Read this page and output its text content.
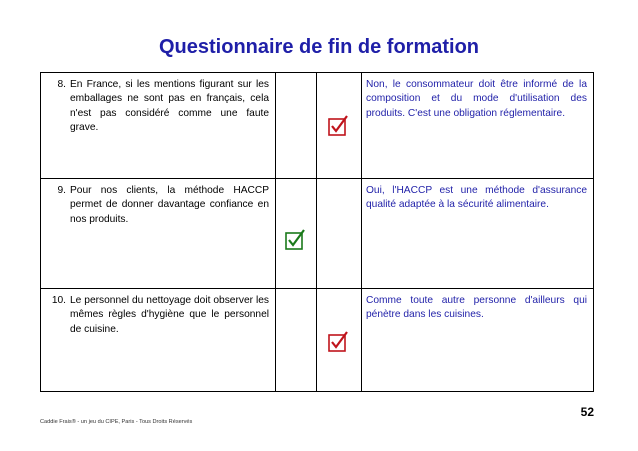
Questionnaire de fin de formation
8. En France, si les mentions figurant sur les emballages ne sont pas en français, cela n'est pas considéré comme une faute grave.			Non, le consommateur doit être informé de la composition et du mode d'utilisation des produits. C'est une obligation réglementaire.

9. Pour nos clients, la méthode HACCP permet de donner davantage confiance en nos produits.			Oui, l'HACCP est une méthode d'assurance qualité adaptée à la sécurité alimentaire.

10. Le personnel du nettoyage doit observer les mêmes règles d'hygiène que le personnel de cuisine.			Comme toute autre personne d'ailleurs qui pénètre dans les cuisines.
52
Caddie Frais® - un jeu du CIPE, Paris - Tous Droits Réservés
